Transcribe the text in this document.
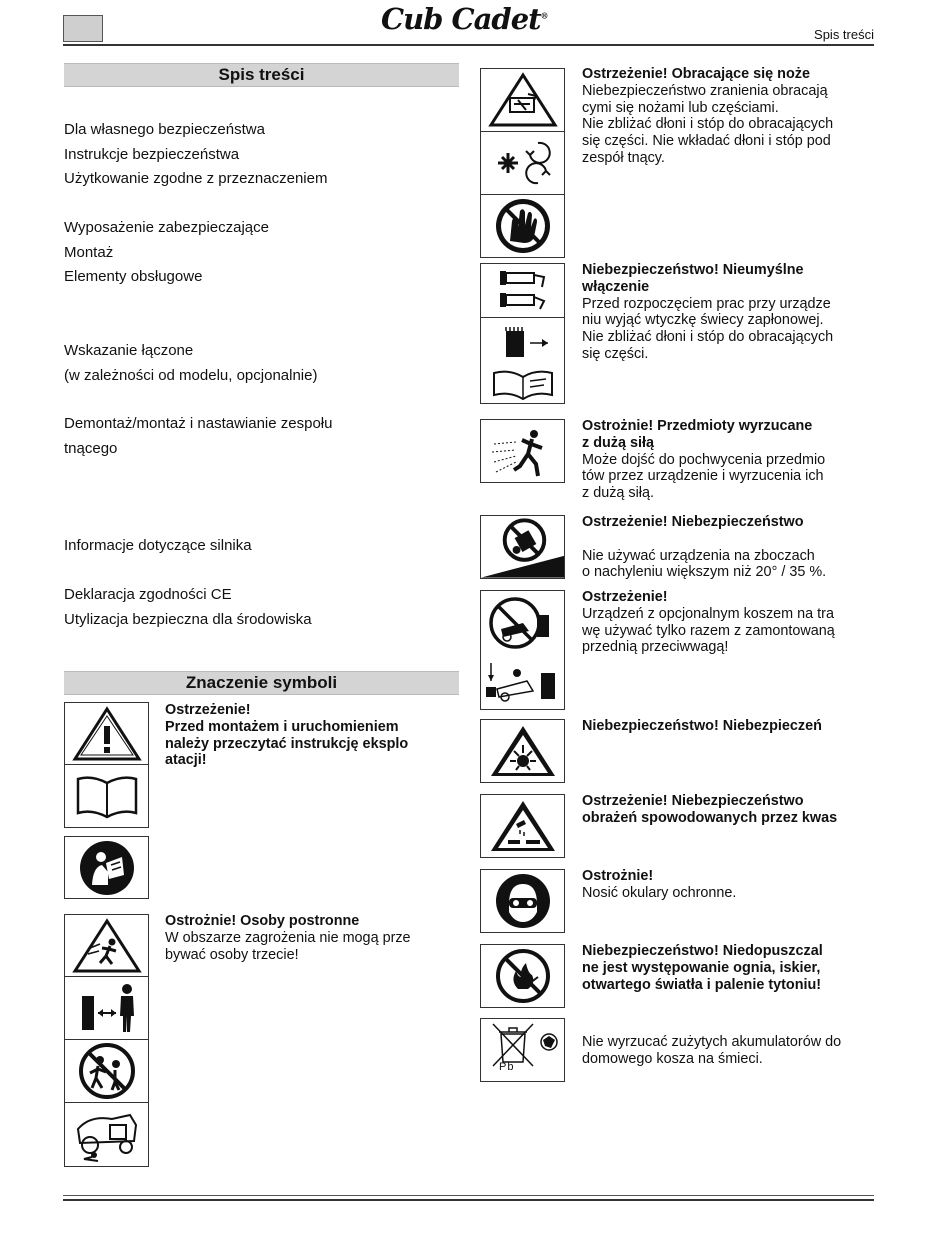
Cub Cadet®
Spis treści
Spis treści
Dla własnego bezpieczeństwa
Instrukcje bezpieczeństwa
Użytkowanie zgodne z przeznaczeniem
Wyposażenie zabezpieczające
Montaż
Elementy obsługowe
Wskazanie łączone
(w zależności od modelu, opcjonalnie)
Demontaż/montaż i nastawianie zespołu
tnącego
Informacje dotyczące silnika
Deklaracja zgodności CE
Utylizacja bezpieczna dla środowiska
Znaczenie symboli
Ostrzeżenie!
Przed montażem i uruchomieniem
należy przeczytać instrukcję eksplo
atacji!
Ostrożnie! Osoby postronne
W obszarze zagrożenia nie mogą prze
bywać osoby trzecie!
Ostrzeżenie! Obracające się noże
Niebezpieczeństwo zranienia obracają
cymi się nożami lub częściami.
Nie zbliżać dłoni i stóp do obracających
się części. Nie wkładać dłoni i stóp pod
zespół tnący.
Niebezpieczeństwo! Nieumyślne
włączenie
Przed rozpoczęciem prac przy urządze
niu wyjąć wtyczkę świecy zapłonowej.
Nie zbliżać dłoni i stóp do obracających
się części.
Ostrożnie! Przedmioty wyrzucane
z dużą siłą
Może dojść do pochwycenia przedmio
tów przez urządzenie i wyrzucenia ich
z dużą siłą.
Ostrzeżenie! Niebezpieczeństwo
Nie używać urządzenia na zboczach
o nachyleniu większym niż 20° / 35 %.
Ostrzeżenie!
Urządzeń z opcjonalnym koszem na tra
wę używać tylko razem z zamontowaną
przednią przeciwwagą!
Niebezpieczeństwo! Niebezpieczeń
Ostrzeżenie! Niebezpieczeństwo
obrażeń spowodowanych przez kwas
Ostrożnie!
Nosić okulary ochronne.
Niebezpieczeństwo! Niedopuszczal
ne jest występowanie ognia, iskier,
otwartego światła i palenie tytoniu!
Pb
Nie wyrzucać zużytych akumulatorów do
domowego kosza na śmieci.
